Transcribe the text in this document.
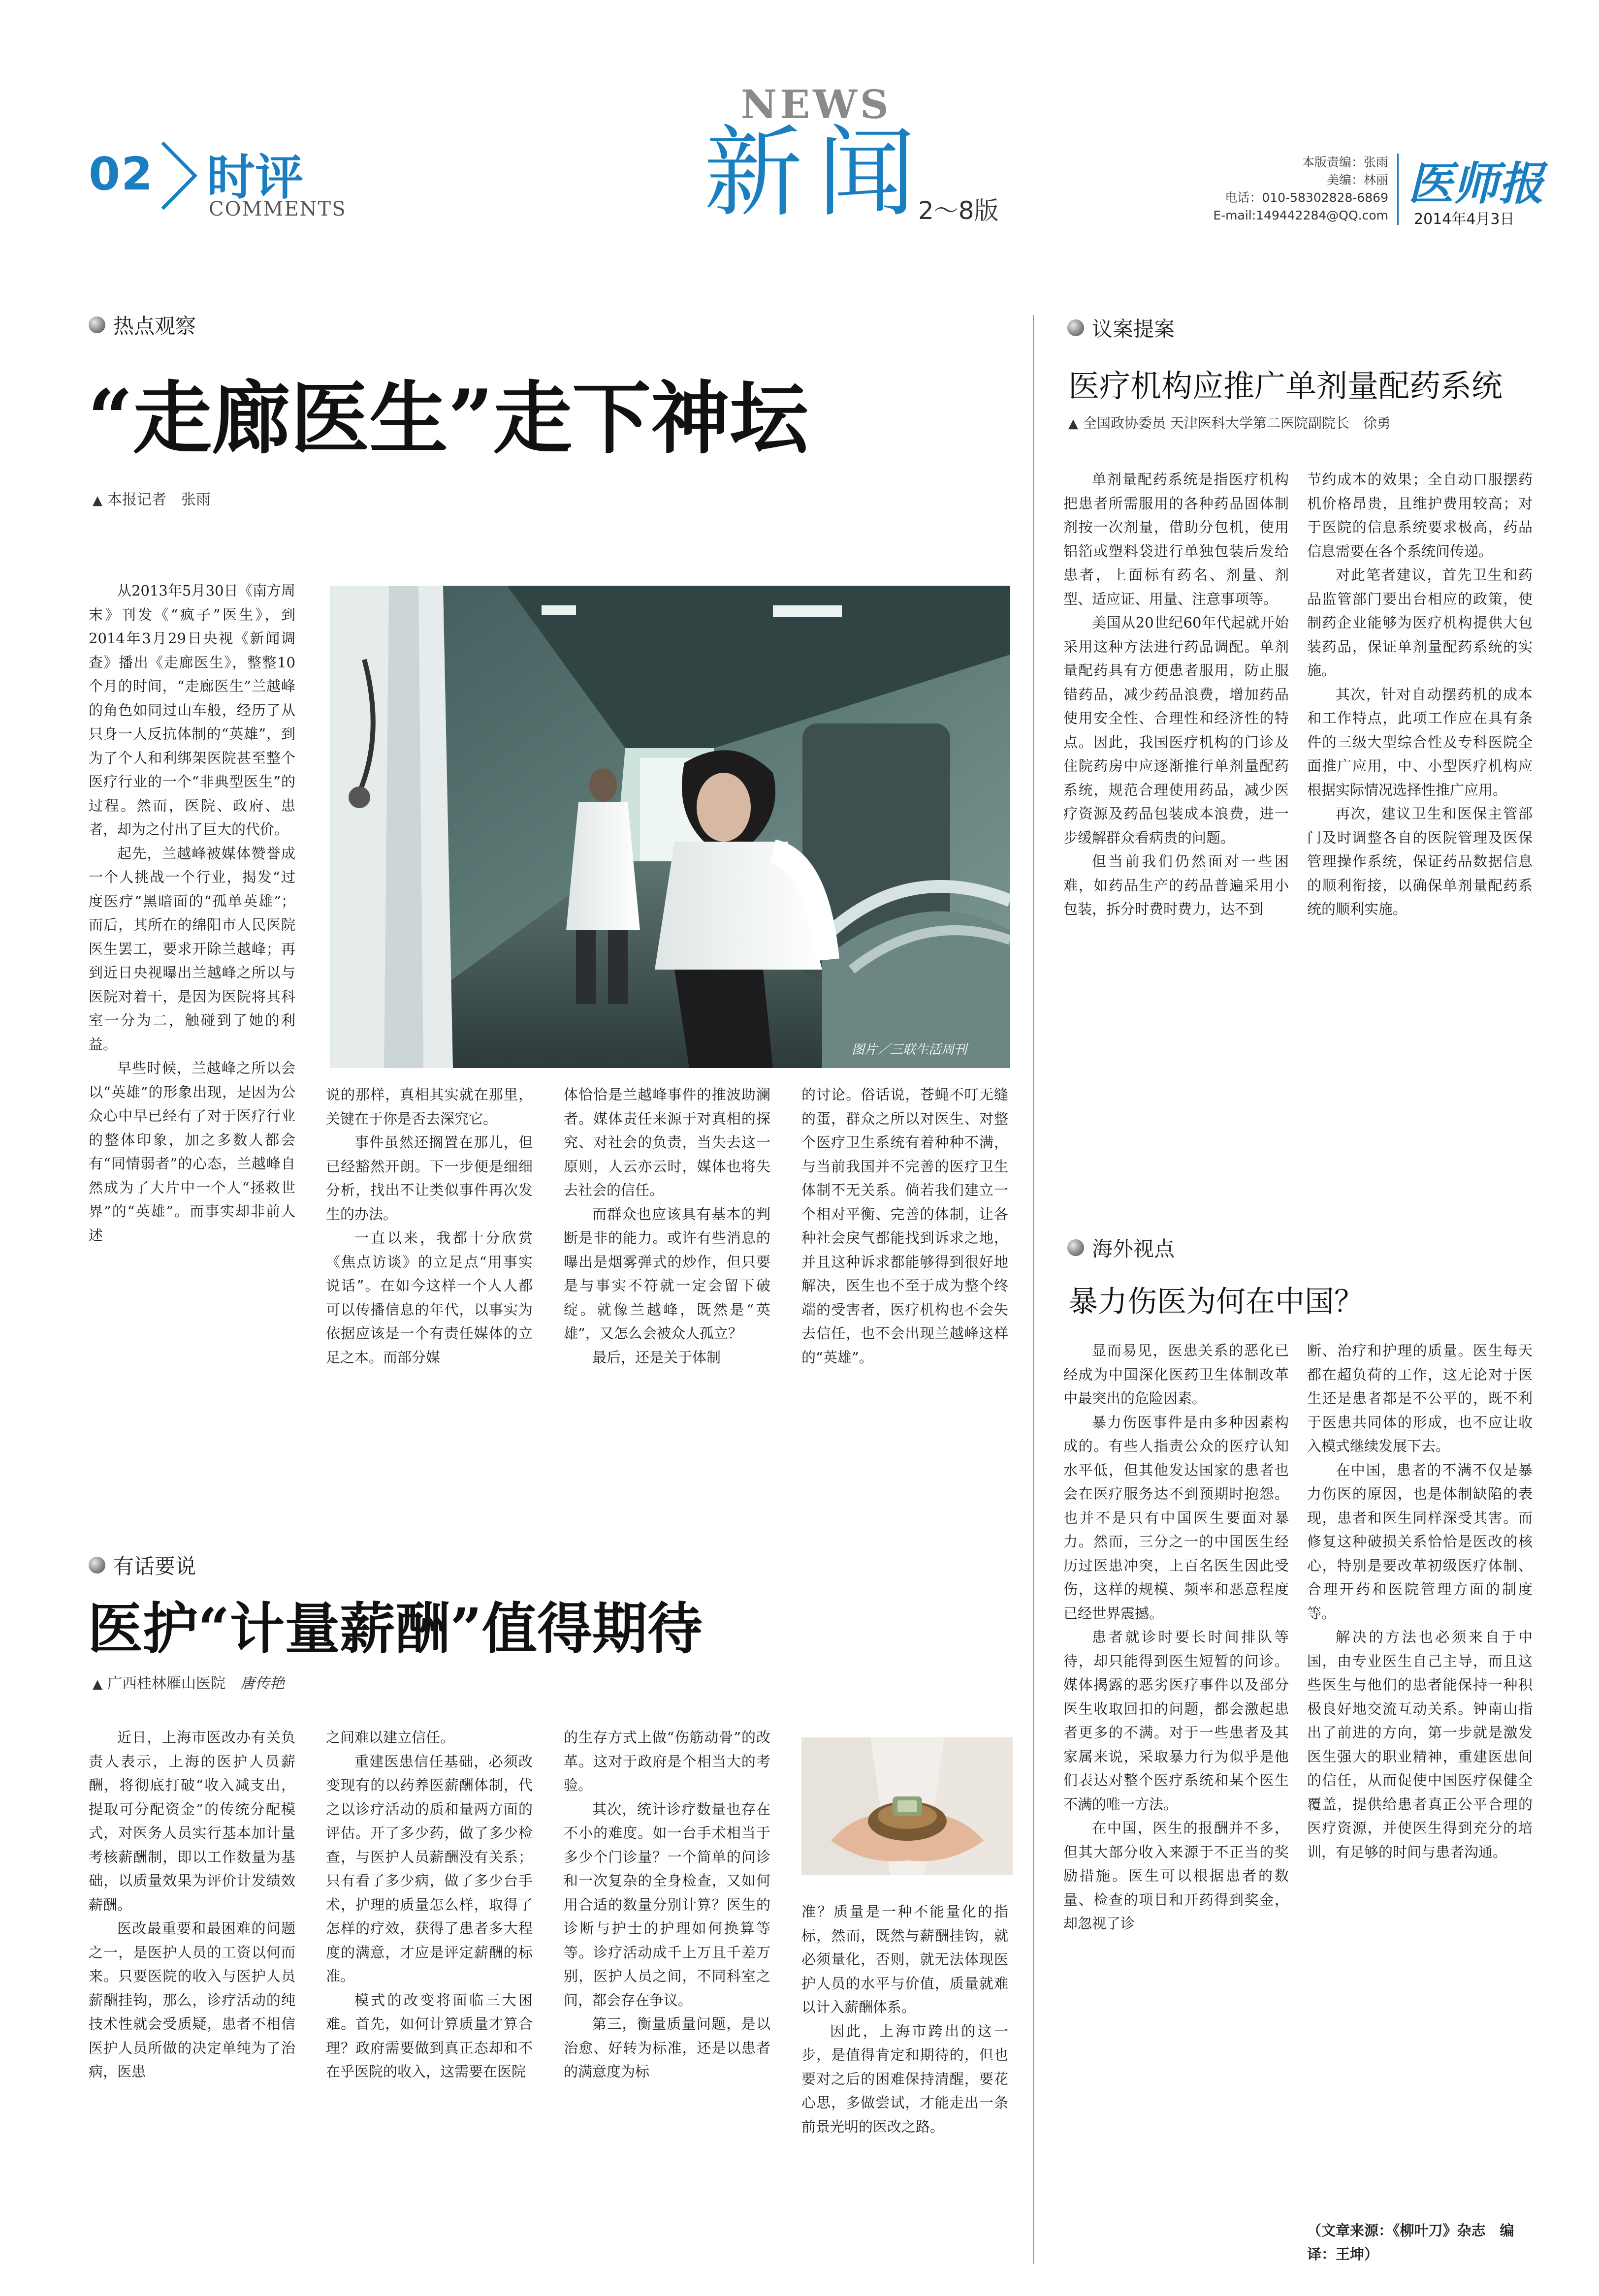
02 时评
COMMENTS
NEWS
新闻
2～8版
本版责编：张雨
美编：林丽
电话：010-58302828-6869
E-mail:149442284@QQ.com
医师报
2014年4月3日
热点观察
“走廊医生”走下神坛
▲ 本报记者　张雨

从2013年5月30日《南方周末》刊发《“疯子”医生》，到2014年3月29日央视《新闻调查》播出《走廊医生》，整整10个月的时间，“走廊医生”兰越峰的角色如同过山车般，经历了从只身一人反抗体制的“英雄”，到为了个人和利绑架医院甚至整个医疗行业的一个“非典型医生”的过程。然而，医院、政府、患者，却为之付出了巨大的代价。

起先，兰越峰被媒体赞誉成一个人挑战一个行业，揭发“过度医疗”黑暗面的“孤单英雄”；而后，其所在的绵阳市人民医院医生罢工，要求开除兰越峰；再到近日央视曝出兰越峰之所以与医院对着干，是因为医院将其科室一分为二，触碰到了她的利益。

早些时候，兰越峰之所以会以“英雄”的形象出现，是因为公众心中早已经有了对于医疗行业的整体印象，加之多数人都会有“同情弱者”的心态，兰越峰自然成为了大片中一个人“拯救世界”的“英雄”。而事实却非前人述

图片／三联生活周刊

说的那样，真相其实就在那里，关键在于你是否去深究它。

事件虽然还搁置在那儿，但已经豁然开朗。下一步便是细细分析，找出不让类似事件再次发生的办法。

一直以来，我都十分欣赏《焦点访谈》的立足点“用事实说话”。在如今这样一个人人都可以传播信息的年代，以事实为依据应该是一个有责任媒体的立足之本。而部分媒

体恰恰是兰越峰事件的推波助澜者。媒体责任来源于对真相的探究、对社会的负责，当失去这一原则，人云亦云时，媒体也将失去社会的信任。

而群众也应该具有基本的判断是非的能力。或许有些消息的曝出是烟雾弹式的炒作，但只要是与事实不符就一定会留下破绽。就像兰越峰，既然是“英雄”，又怎么会被众人孤立？

最后，还是关于体制

的讨论。俗话说，苍蝇不叮无缝的蛋，群众之所以对医生、对整个医疗卫生系统有着种种不满，与当前我国并不完善的医疗卫生体制不无关系。倘若我们建立一个相对平衡、完善的体制，让各种社会戾气都能找到诉求之地，并且这种诉求都能够得到很好地解决，医生也不至于成为整个终端的受害者，医疗机构也不会失去信任，也不会出现兰越峰这样的“英雄”。

有话要说
医护“计量薪酬”值得期待
▲ 广西桂林雁山医院　 唐传艳

近日，上海市医改办有关负责人表示，上海的医护人员薪酬，将彻底打破“收入减支出，提取可分配资金”的传统分配模式，对医务人员实行基本加计量考核薪酬制，即以工作数量为基础，以质量效果为评价计发绩效薪酬。

医改最重要和最困难的问题之一，是医护人员的工资以何而来。只要医院的收入与医护人员薪酬挂钩，那么，诊疗活动的纯技术性就会受质疑，患者不相信医护人员所做的决定单纯为了治病，医患

之间难以建立信任。

重建医患信任基础，必须改变现有的以药养医薪酬体制，代之以诊疗活动的质和量两方面的评估。开了多少药，做了多少检查，与医护人员薪酬没有关系；只有看了多少病，做了多少台手术，护理的质量怎么样，取得了怎样的疗效，获得了患者多大程度的满意，才应是评定薪酬的标准。

模式的改变将面临三大困难。首先，如何计算质量才算合理？政府需要做到真正态却和不在乎医院的收入，这需要在医院

的生存方式上做“伤筋动骨”的改革。这对于政府是个相当大的考验。

其次，统计诊疗数量也存在不小的难度。如一台手术相当于多少个门诊量？一个简单的问诊和一次复杂的全身检查，又如何用合适的数量分别计算？医生的诊断与护士的护理如何换算等等。诊疗活动成千上万且千差万别，医护人员之间，不同科室之间，都会存在争议。

第三，衡量质量问题，是以治愈、好转为标准，还是以患者的满意度为标

准？质量是一种不能量化的指标，然而，既然与薪酬挂钩，就必须量化，否则，就无法体现医护人员的水平与价值，质量就难以计入薪酬体系。

因此，上海市跨出的这一步，是值得肯定和期待的，但也要对之后的困难保持清醒，要花心思，多做尝试，才能走出一条前景光明的医改之路。

议案提案
医疗机构应推广单剂量配药系统
▲ 全国政协委员 天津医科大学第二医院副院长　徐勇

单剂量配药系统是指医疗机构把患者所需服用的各种药品固体制剂按一次剂量，借助分包机，使用铝箔或塑料袋进行单独包装后发给患者，上面标有药名、剂量、剂型、适应证、用量、注意事项等。

美国从20世纪60年代起就开始采用这种方法进行药品调配。单剂量配药具有方便患者服用，防止服错药品，减少药品浪费，增加药品使用安全性、合理性和经济性的特点。因此，我国医疗机构的门诊及住院药房中应逐渐推行单剂量配药系统，规范合理使用药品，减少医疗资源及药品包装成本浪费，进一步缓解群众看病贵的问题。

但当前我们仍然面对一些困难，如药品生产的药品普遍采用小包装，拆分时费时费力，达不到

节约成本的效果；全自动口服摆药机价格昂贵，且维护费用较高；对于医院的信息系统要求极高，药品信息需要在各个系统间传递。

对此笔者建议，首先卫生和药品监管部门要出台相应的政策，使制药企业能够为医疗机构提供大包装药品，保证单剂量配药系统的实施。

其次，针对自动摆药机的成本和工作特点，此项工作应在具有条件的三级大型综合性及专科医院全面推广应用，中、小型医疗机构应根据实际情况选择性推广应用。

再次，建议卫生和医保主管部门及时调整各自的医院管理及医保管理操作系统，保证药品数据信息的顺利衔接，以确保单剂量配药系统的顺利实施。

海外视点
暴力伤医为何在中国？

显而易见，医患关系的恶化已经成为中国深化医药卫生体制改革中最突出的危险因素。

暴力伤医事件是由多种因素构成的。有些人指责公众的医疗认知水平低，但其他发达国家的患者也会在医疗服务达不到预期时抱怨。也并不是只有中国医生要面对暴力。然而，三分之一的中国医生经历过医患冲突，上百名医生因此受伤，这样的规模、频率和恶意程度已经世界震撼。

患者就诊时要长时间排队等待，却只能得到医生短暂的问诊。媒体揭露的恶劣医疗事件以及部分医生收取回扣的问题，都会激起患者更多的不满。对于一些患者及其家属来说，采取暴力行为似乎是他们表达对整个医疗系统和某个医生不满的唯一方法。

在中国，医生的报酬并不多，但其大部分收入来源于不正当的奖励措施。医生可以根据患者的数量、检查的项目和开药得到奖金，却忽视了诊

断、治疗和护理的质量。医生每天都在超负荷的工作，这无论对于医生还是患者都是不公平的，既不利于医患共同体的形成，也不应让收入模式继续发展下去。

在中国，患者的不满不仅是暴力伤医的原因，也是体制缺陷的表现，患者和医生同样深受其害。而修复这种破损关系恰恰是医改的核心，特别是要改革初级医疗体制、合理开药和医院管理方面的制度等。

解决的方法也必须来自于中国，由专业医生自己主导，而且这些医生与他们的患者能保持一种积极良好地交流互动关系。钟南山指出了前进的方向，第一步就是激发医生强大的职业精神，重建医患间的信任，从而促使中国医疗保健全覆盖，提供给患者真正公平合理的医疗资源，并使医生得到充分的培训，有足够的时间与患者沟通。

（文章来源：《柳叶刀》杂志　编译：王坤）
